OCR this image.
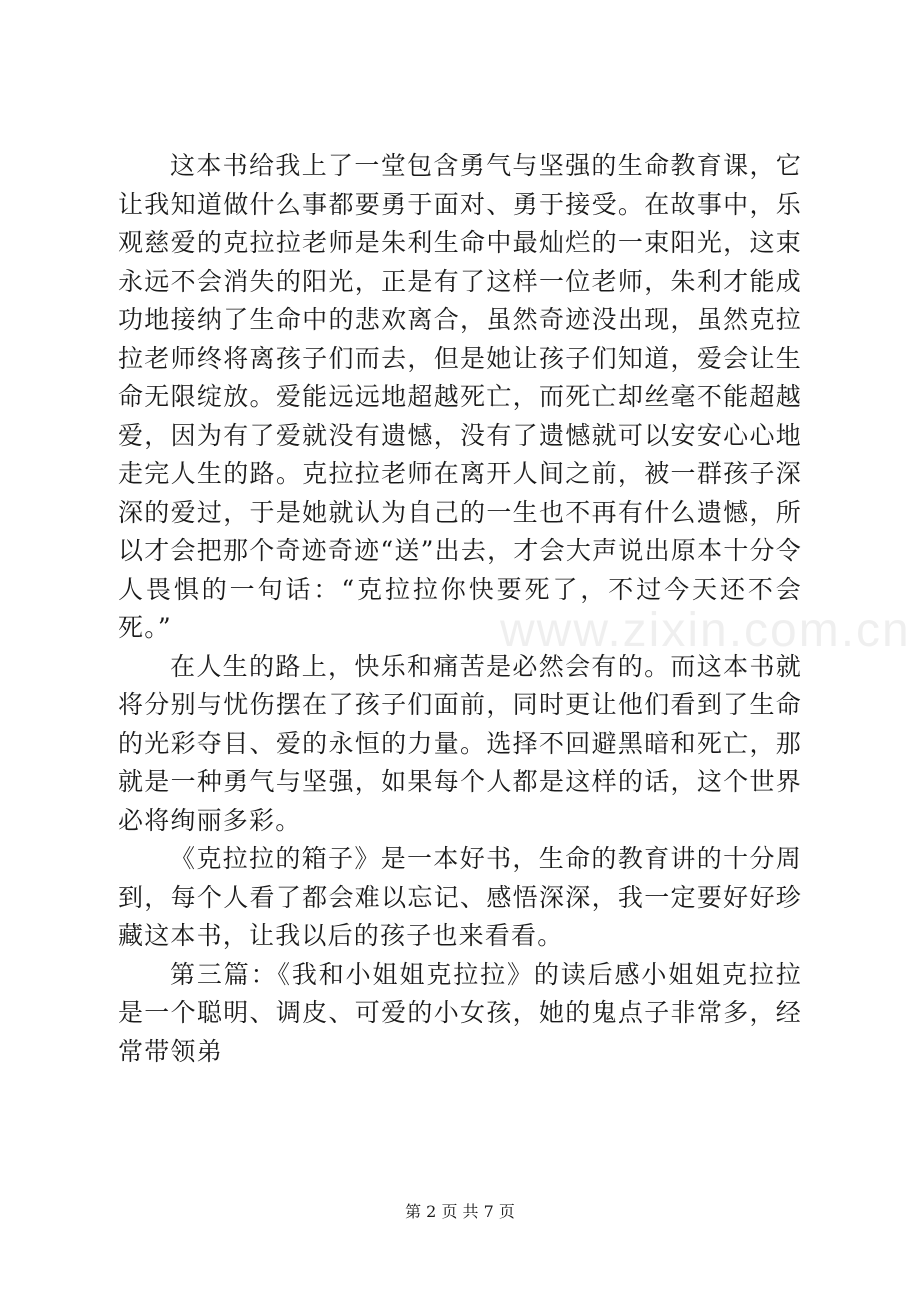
www.zixin.com.cn

这本书给我上了一堂包含勇气与坚强的生命教育课，它让我知道做什么事都要勇于面对、勇于接受。在故事中，乐观慈爱的克拉拉老师是朱利生命中最灿烂的一束阳光，这束永远不会消失的阳光，正是有了这样一位老师，朱利才能成功地接纳了生命中的悲欢离合，虽然奇迹没出现，虽然克拉拉老师终将离孩子们而去，但是她让孩子们知道，爱会让生命无限绽放。爱能远远地超越死亡，而死亡却丝毫不能超越爱，因为有了爱就没有遗憾，没有了遗憾就可以安安心心地走完人生的路。克拉拉老师在离开人间之前，被一群孩子深深的爱过，于是她就认为自己的一生也不再有什么遗憾，所以才会把那个奇迹奇迹“送”出去，才会大声说出原本十分令人畏惧的一句话：“克拉拉你快要死了，不过今天还不会死。”

在人生的路上，快乐和痛苦是必然会有的。而这本书就将分别与忧伤摆在了孩子们面前，同时更让他们看到了生命的光彩夺目、爱的永恒的力量。选择不回避黑暗和死亡，那就是一种勇气与坚强，如果每个人都是这样的话，这个世界必将绚丽多彩。

《克拉拉的箱子》是一本好书，生命的教育讲的十分周到，每个人看了都会难以忘记、感悟深深，我一定要好好珍藏这本书，让我以后的孩子也来看看。

第三篇：《我和小姐姐克拉拉》的读后感小姐姐克拉拉是一个聪明、调皮、可爱的小女孩，她的鬼点子非常多，经常带领弟

第 2 页 共 7 页
